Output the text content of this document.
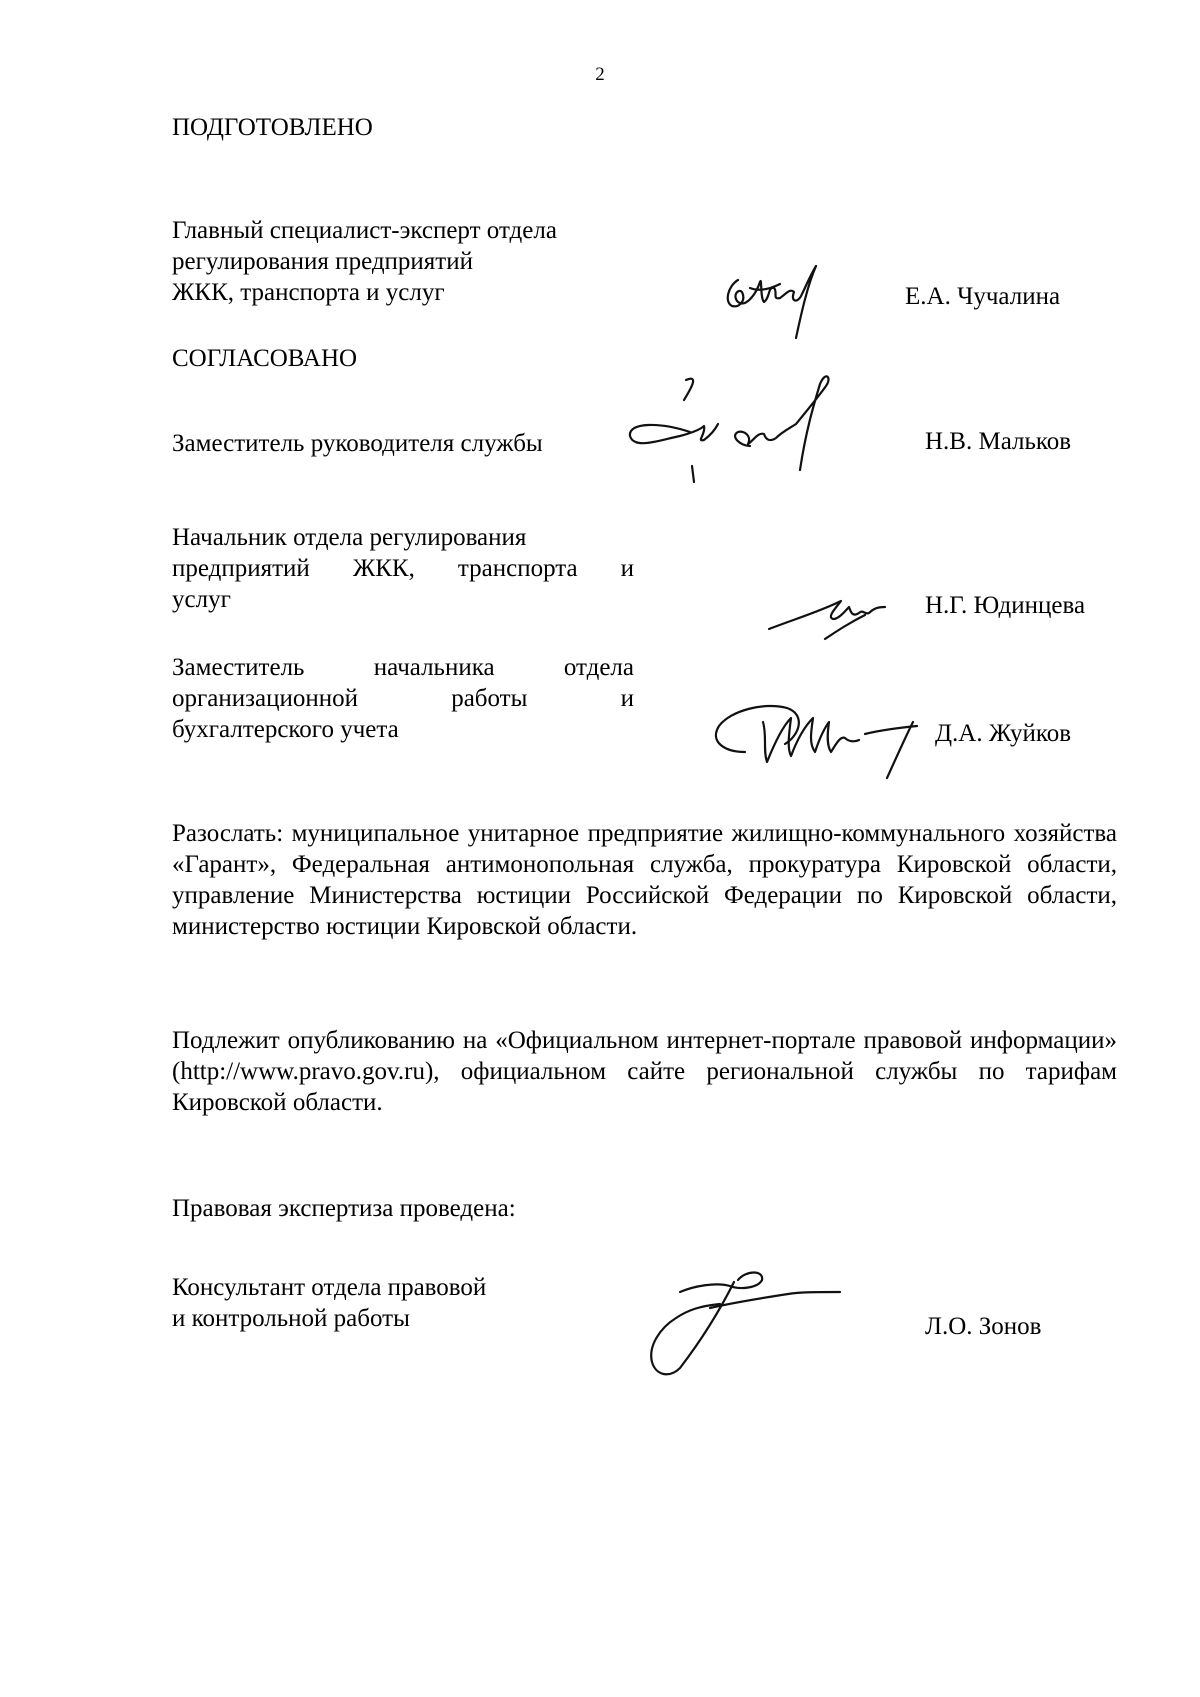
2
ПОДГОТОВЛЕНО
Главный специалист-эксперт отдела
регулирования предприятий
ЖКК, транспорта и услуг	Е.А. Чучалина
СОГЛАСОВАНО
Заместитель руководителя службы	Н.В. Мальков
Начальник отдела регулирования
предприятий ЖКК, транспорта и
услуг	Н.Г. Юдинцева
Заместитель начальника отдела
организационной работы и
бухгалтерского учета	Д.А. Жуйков
Разослать: муниципальное унитарное предприятие жилищно-коммунального хозяйства «Гарант», Федеральная антимонопольная служба, прокуратура Кировской области, управление Министерства юстиции Российской Федерации по Кировской области, министерство юстиции Кировской области.
Подлежит опубликованию на «Официальном интернет-портале правовой информации» (http://www.pravo.gov.ru), официальном сайте региональной службы по тарифам Кировской области.
Правовая экспертиза проведена:
Консультант отдела правовой
и контрольной работы	Л.О. Зонов
